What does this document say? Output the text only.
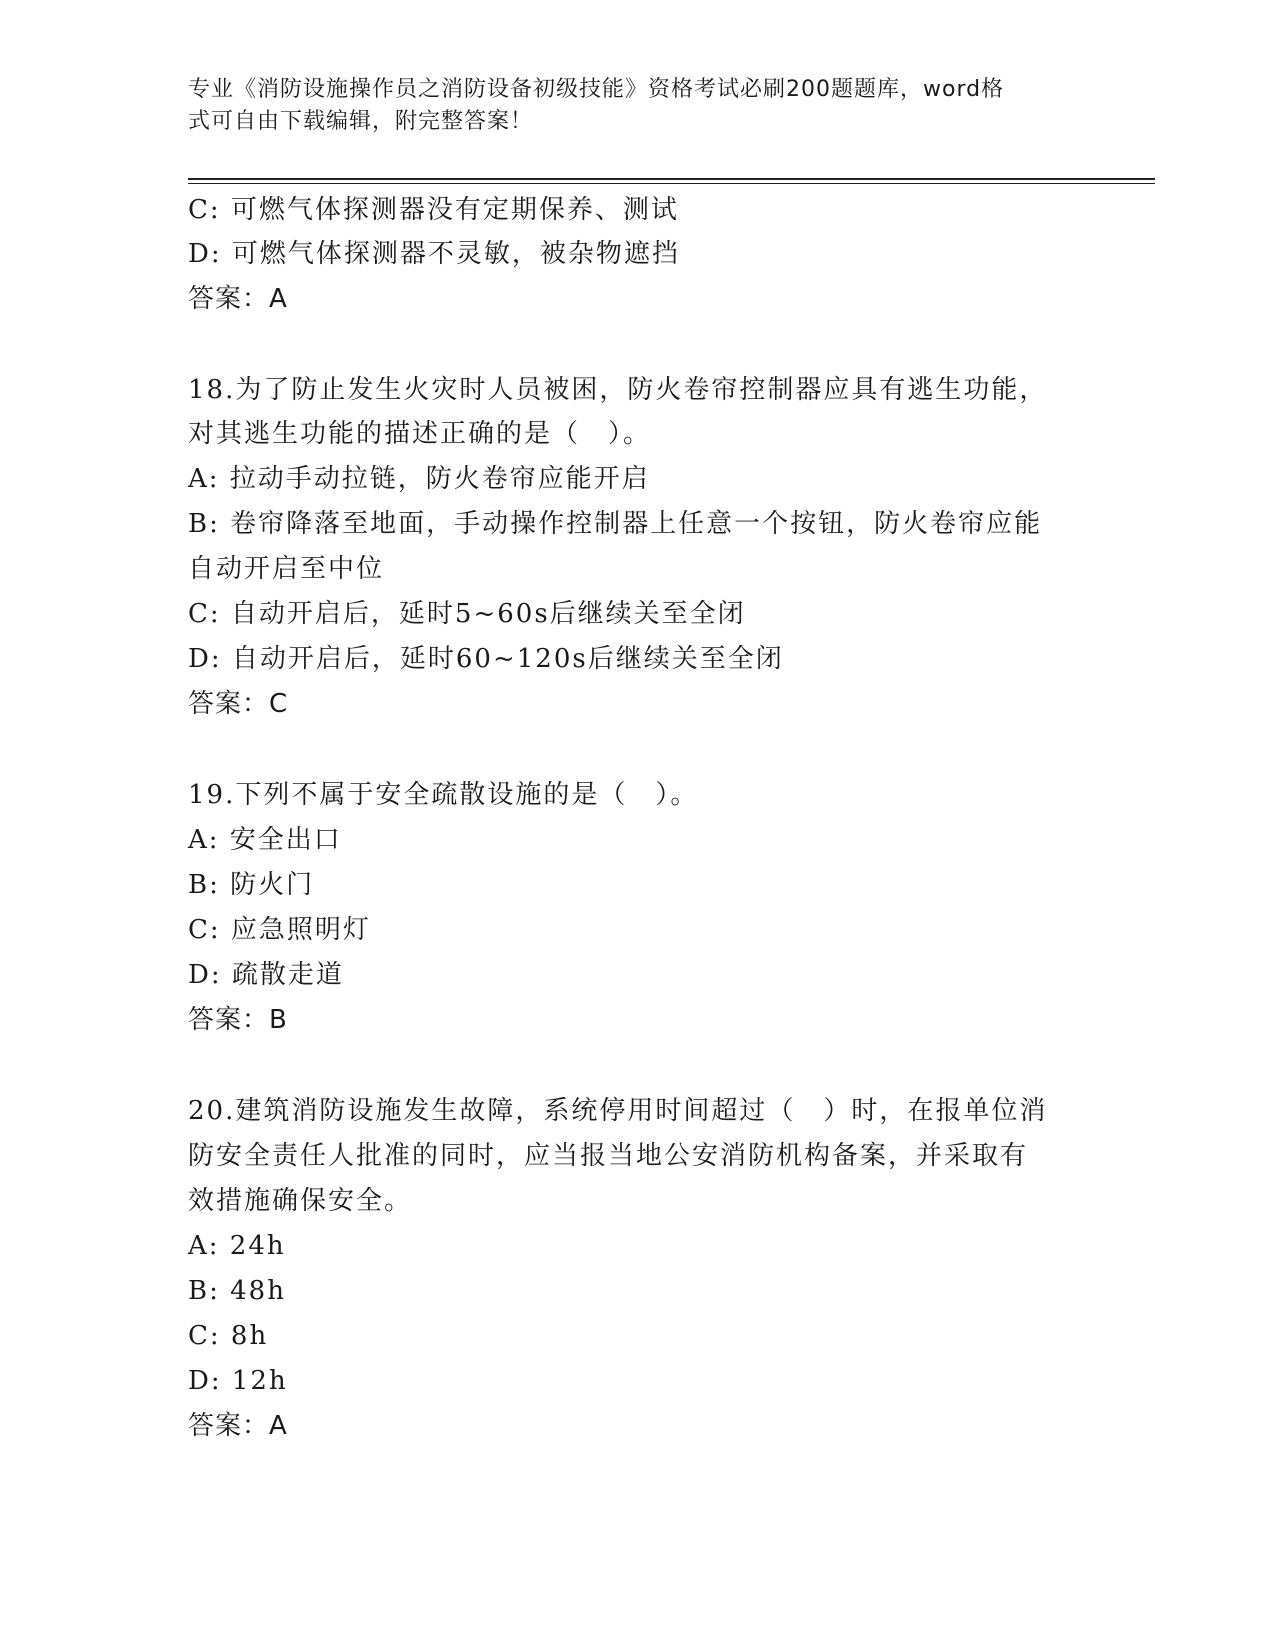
专业《消防设施操作员之消防设备初级技能》资格考试必刷200题题库，word格
式可自由下载编辑，附完整答案！
C: 可燃气体探测器没有定期保养、测试
D: 可燃气体探测器不灵敏，被杂物遮挡
答案：A
18.为了防止发生火灾时人员被困，防火卷帘控制器应具有逃生功能，
对其逃生功能的描述正确的是（　）。
A: 拉动手动拉链，防火卷帘应能开启
B: 卷帘降落至地面，手动操作控制器上任意一个按钮，防火卷帘应能
自动开启至中位
C: 自动开启后，延时5~60s后继续关至全闭
D: 自动开启后，延时60~120s后继续关至全闭
答案：C
19.下列不属于安全疏散设施的是（　）。
A: 安全出口
B: 防火门
C: 应急照明灯
D: 疏散走道
答案：B
20.建筑消防设施发生故障，系统停用时间超过（　）时，在报单位消
防安全责任人批准的同时，应当报当地公安消防机构备案，并采取有
效措施确保安全。
A: 24h
B: 48h
C: 8h
D: 12h
答案：A
